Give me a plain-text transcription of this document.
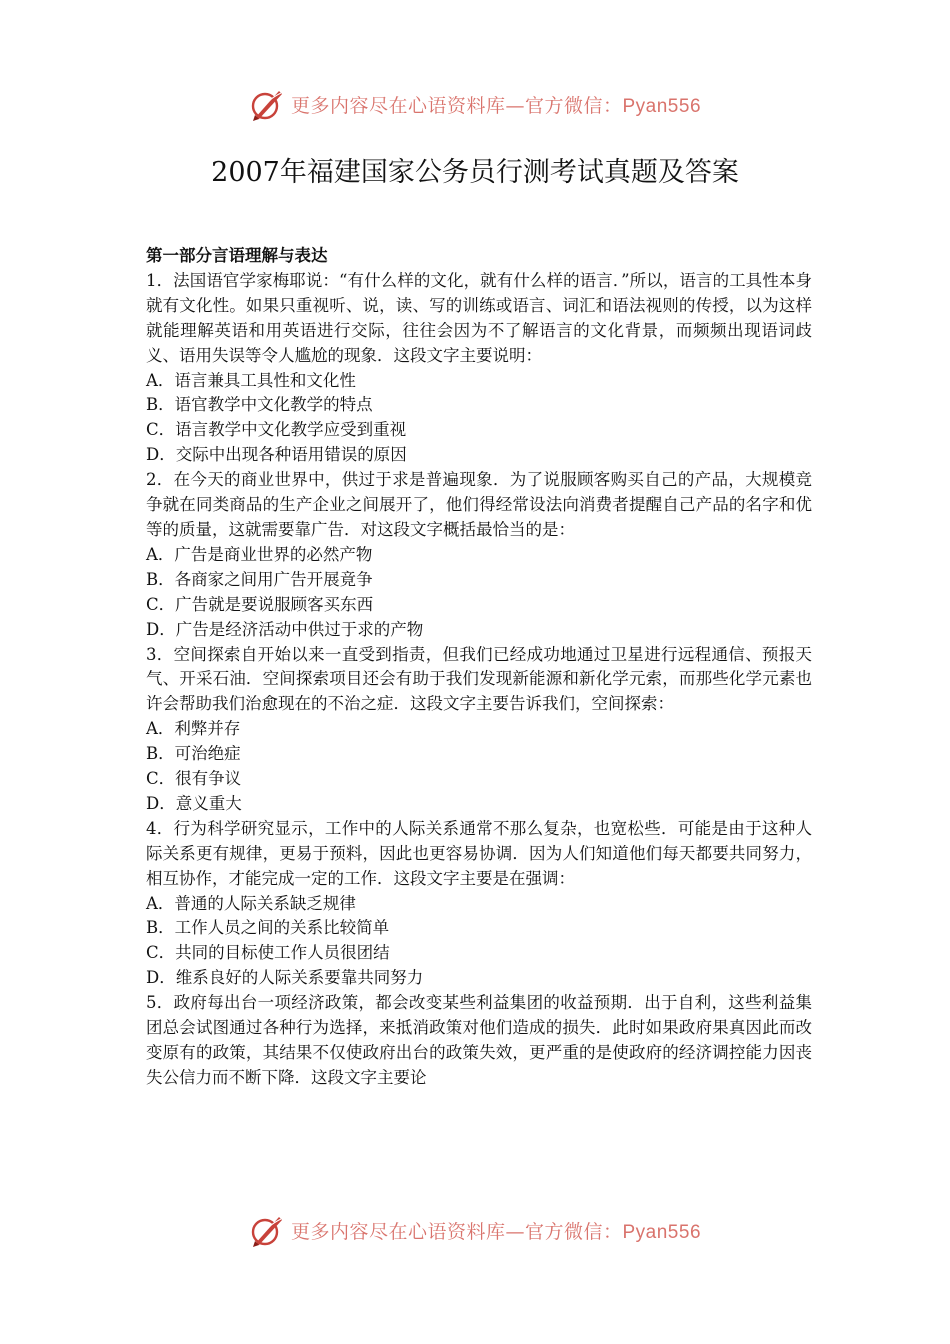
更多内容尽在心语资料库—官方微信：Pyan556
2007年福建国家公务员行测考试真题及答案
第一部分言语理解与表达
1．法国语官学家梅耶说：“有什么样的文化，就有什么样的语言．”所以，语言的工具性本身就有文化性。如果只重视听、说，读、写的训练或语言、词汇和语法视则的传授，以为这样就能理解英语和用英语进行交际，往往会因为不了解语言的文化背景，而频频出现语词歧义、语用失误等令人尴尬的现象．这段文字主要说明：
A．语言兼具工具性和文化性
B．语官教学中文化教学的特点
C．语言教学中文化教学应受到重视
D．交际中出现各种语用错误的原因
2．在今天的商业世界中，供过于求是普遍现象．为了说服顾客购买自己的产品，大规模竞争就在同类商品的生产企业之间展开了，他们得经常设法向消费者提醒自己产品的名字和优等的质量，这就需要靠广告．对这段文字概括最恰当的是：
A．广告是商业世界的必然产物
B．各商家之间用广告开展竟争
C．广告就是要说服顾客买东西
D．广告是经济活动中供过于求的产物
3．空间探索自开始以来一直受到指责，但我们已经成功地通过卫星进行远程通信、预报天气、开采石油．空间探索项目还会有助于我们发现新能源和新化学元索，而那些化学元素也许会帮助我们治愈现在的不治之症．这段文字主要告诉我们，空间探索：
A．利弊并存
B．可治绝症
C．很有争议
D．意义重大
4．行为科学研究显示，工作中的人际关系通常不那么复杂，也宽松些．可能是由于这种人际关系更有规律，更易于预料，因此也更容易协调．因为人们知道他们每天都要共同努力，相互协作，才能完成一定的工作．这段文字主要是在强调：
A．普通的人际关系缺乏规律
B．工作人员之间的关系比较简单
C．共同的目标使工作人员很团结
D．维系良好的人际关系要靠共同努力
5．政府每出台一项经济政策，都会改变某些利益集团的收益预期．出于自利，这些利益集团总会试图通过各种行为选择，来抵消政策对他们造成的损失．此时如果政府果真因此而改变原有的政策，其结果不仅使政府出台的政策失效，更严重的是使政府的经济调控能力因丧失公信力而不断下降．这段文字主要论
更多内容尽在心语资料库—官方微信：Pyan556
